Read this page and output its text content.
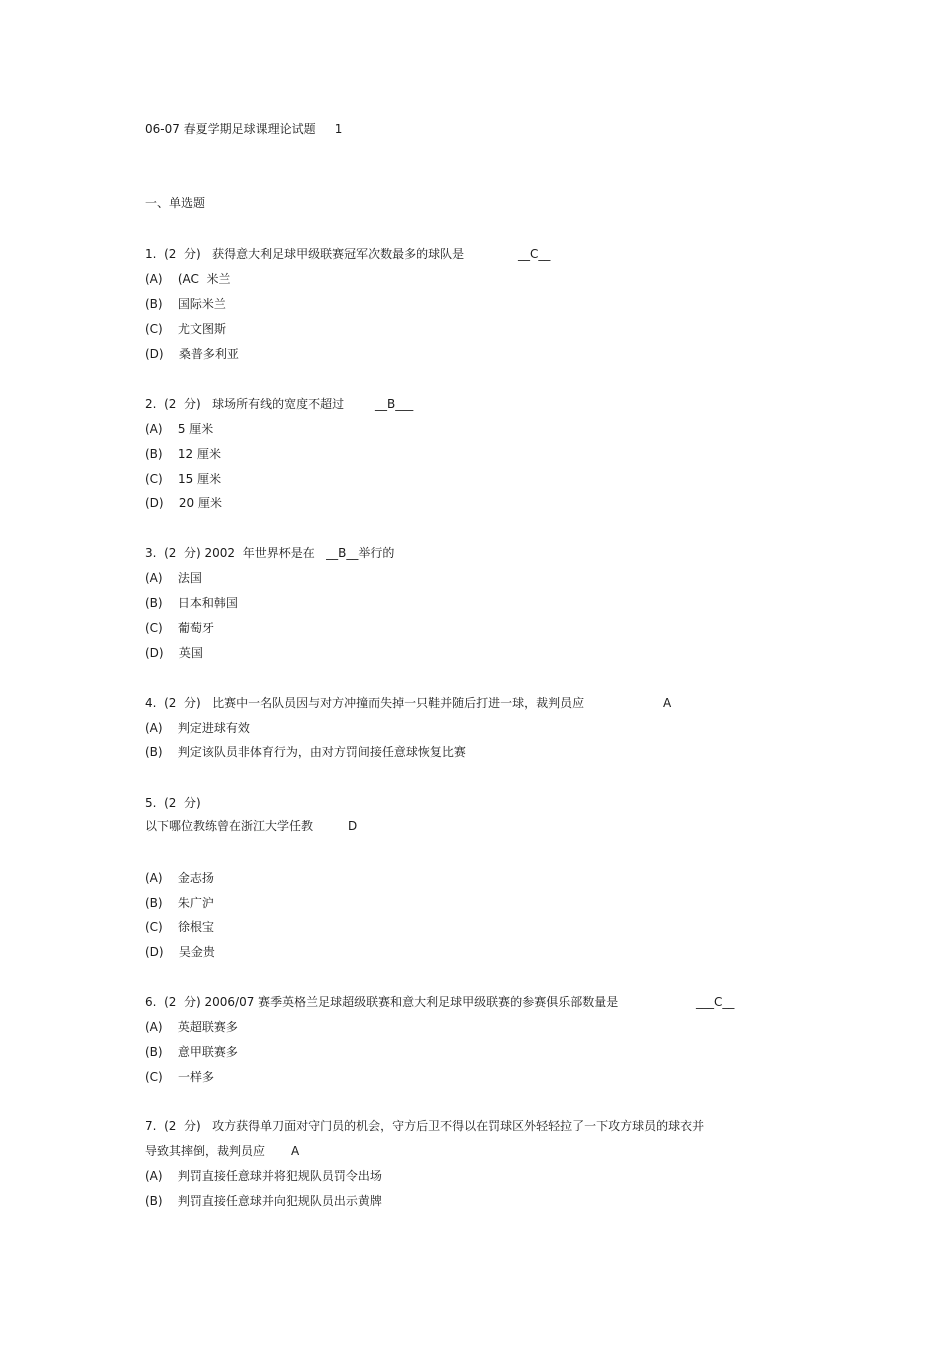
06-07 春夏学期足球课理论试题     1
一、单选题
1.  (2  分)   获得意大利足球甲级联赛冠军次数最多的球队是	__C__
(A)    (AC  米兰
(B)    国际米兰
(C)    尤文图斯
(D)    桑普多利亚
2.  (2  分)   球场所有线的宽度不超过	__B___
(A)    5 厘米
(B)    12 厘米
(C)    15 厘米
(D)    20 厘米
3.  (2  分) 2002  年世界杯是在   __B__举行的
(A)    法国
(B)    日本和韩国
(C)    葡萄牙
(D)    英国
4.  (2  分)   比赛中一名队员因与对方冲撞而失掉一只鞋并随后打进一球，裁判员应	A
(A)    判定进球有效
(B)    判定该队员非体育行为，由对方罚间接任意球恢复比赛
5.  (2  分)
以下哪位教练曾在浙江大学任教	D
(A)    金志扬
(B)    朱广沪
(C)    徐根宝
(D)    吴金贵
6.  (2  分) 2006/07 赛季英格兰足球超级联赛和意大利足球甲级联赛的参赛俱乐部数量是	___C__
(A)    英超联赛多
(B)    意甲联赛多
(C)    一样多
7.  (2  分)   攻方获得单刀面对守门员的机会，守方后卫不得以在罚球区外轻轻拉了一下攻方球员的球衣并
导致其摔倒，裁判员应 A
(A)    判罚直接任意球并将犯规队员罚令出场
(B)    判罚直接任意球并向犯规队员出示黄牌
